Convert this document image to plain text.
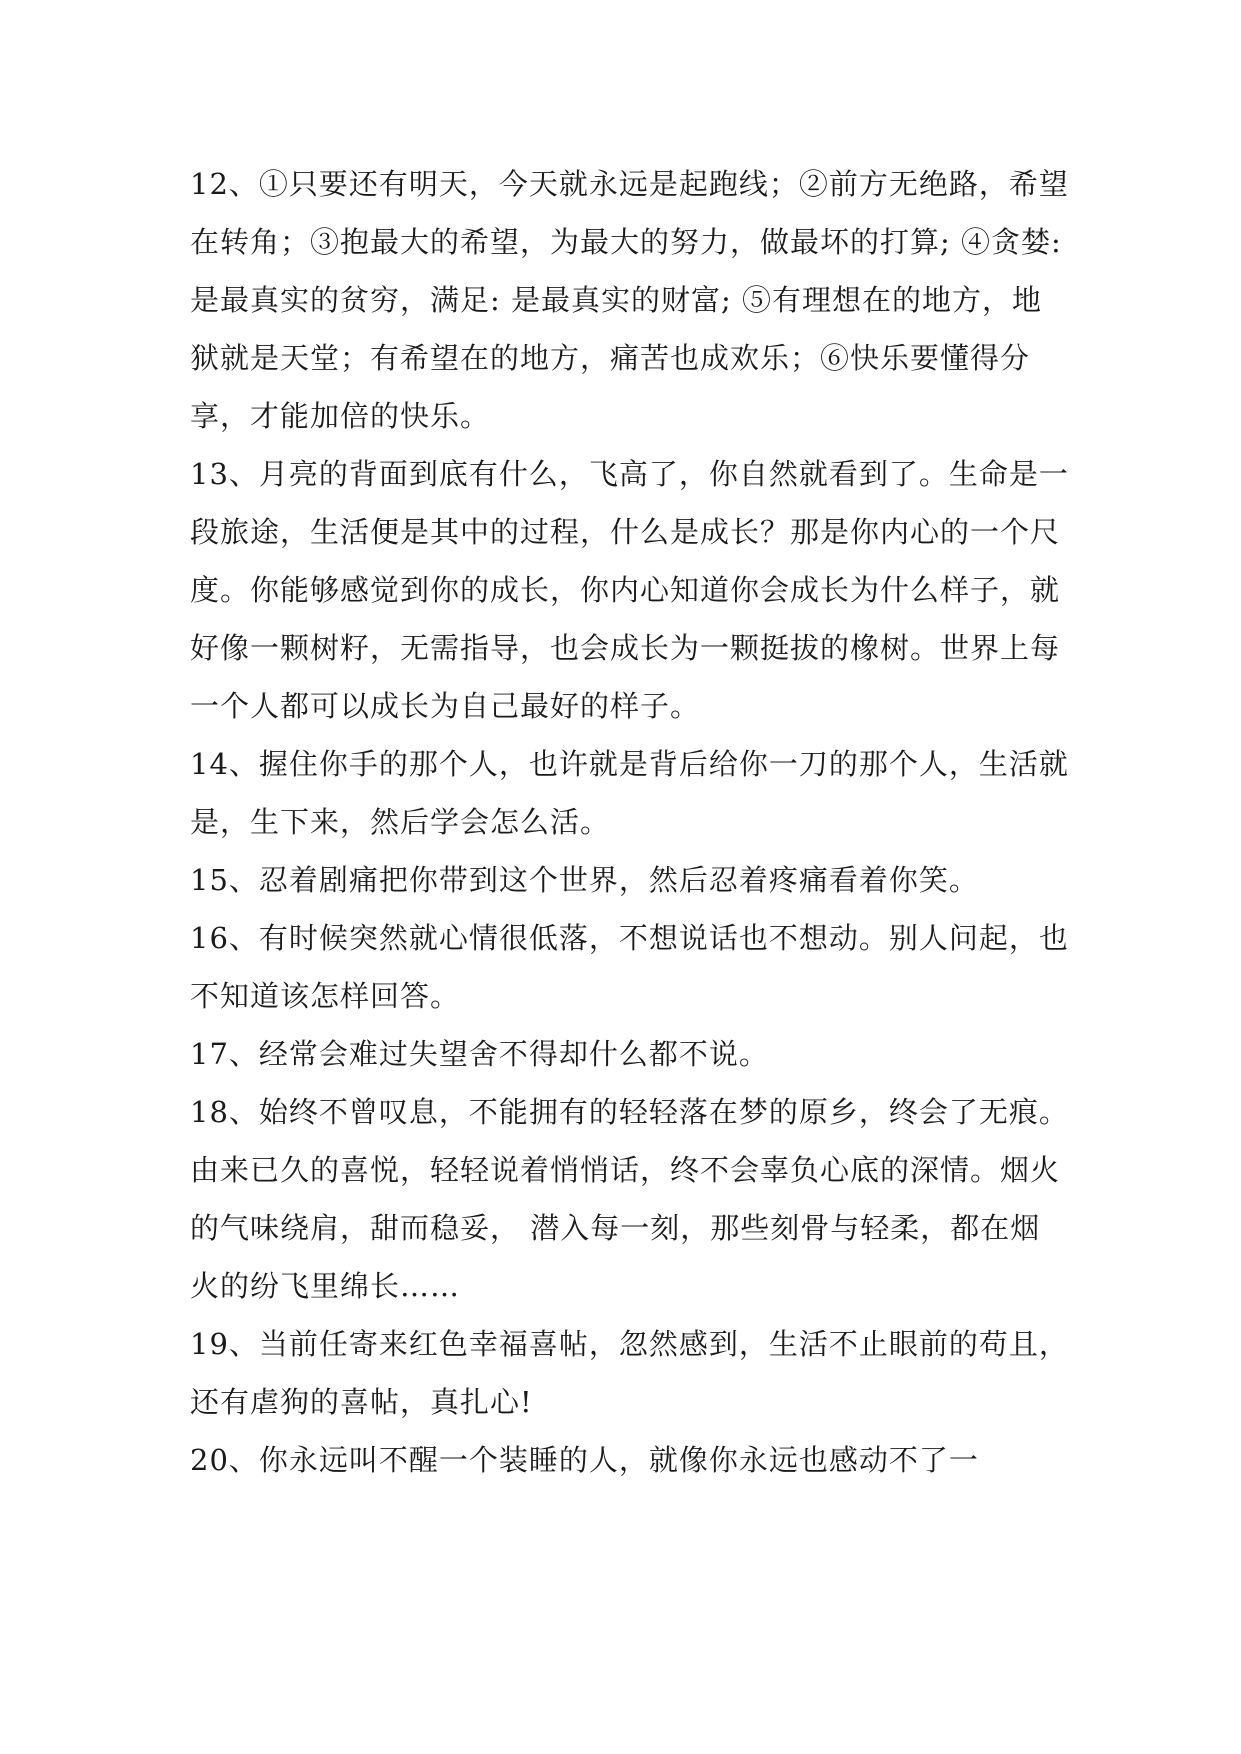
12、①只要还有明天，今天就永远是起跑线；②前方无绝路，希望在转角；③抱最大的希望，为最大的努力，做最坏的打算; ④贪婪: 是最真实的贫穷，满足: 是最真实的财富; ⑤有理想在的地方，地狱就是天堂；有希望在的地方，痛苦也成欢乐；⑥快乐要懂得分享，才能加倍的快乐。

13、月亮的背面到底有什么，飞高了，你自然就看到了。生命是一段旅途，生活便是其中的过程，什么是成长？那是你内心的一个尺度。你能够感觉到你的成长，你内心知道你会成长为什么样子，就好像一颗树籽，无需指导，也会成长为一颗挺拔的橡树。世界上每一个人都可以成长为自己最好的样子。

14、握住你手的那个人，也许就是背后给你一刀的那个人，生活就是，生下来，然后学会怎么活。

15、忍着剧痛把你带到这个世界，然后忍着疼痛看着你笑。

16、有时候突然就心情很低落，不想说话也不想动。别人问起，也不知道该怎样回答。

17、经常会难过失望舍不得却什么都不说。

18、始终不曾叹息，不能拥有的轻轻落在梦的原乡，终会了无痕。由来已久的喜悦，轻轻说着悄悄话，终不会辜负心底的深情。烟火的气味绕肩，甜而稳妥， 潜入每一刻，那些刻骨与轻柔，都在烟火的纷飞里绵长……

19、当前任寄来红色幸福喜帖，忽然感到，生活不止眼前的苟且，还有虐狗的喜帖，真扎心!

20、你永远叫不醒一个装睡的人，就像你永远也感动不了一
